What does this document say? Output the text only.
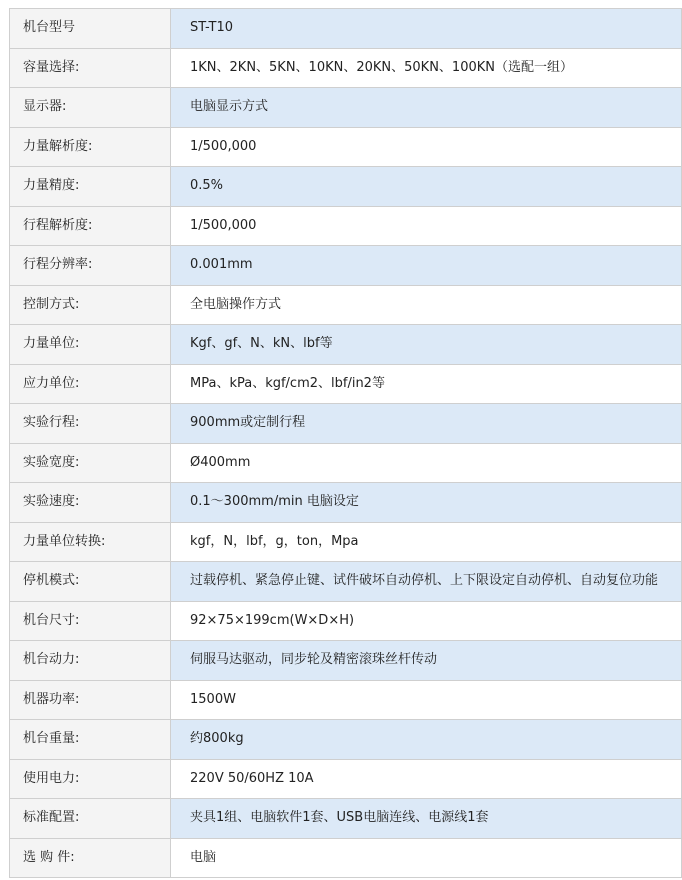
机台型号	ST-T10
容量选择:	1KN、2KN、5KN、10KN、20KN、50KN、100KN（选配一组）
显示器:	电脑显示方式
力量解析度:	1/500,000
力量精度:	0.5%
行程解析度:	1/500,000
行程分辨率:	0.001mm
控制方式:	全电脑操作方式
力量单位:	Kgf、gf、N、kN、lbf等
应力单位:	MPa、kPa、kgf/cm2、lbf/in2等
实验行程:	900mm或定制行程
实验宽度:	Ø400mm
实验速度:	0.1～300mm/min 电脑设定
力量单位转换:	kgf，N，lbf，g，ton，Mpa
停机模式:	过载停机、紧急停止键、试件破坏自动停机、上下限设定自动停机、自动复位功能
机台尺寸:	92×75×199cm(W×D×H)
机台动力:	伺服马达驱动，同步轮及精密滚珠丝杆传动
机器功率:	1500W
机台重量:	约800kg
使用电力:	220V 50/60HZ 10A
标准配置:	夹具1组、电脑软件1套、USB电脑连线、电源线1套
选 购 件:	电脑
